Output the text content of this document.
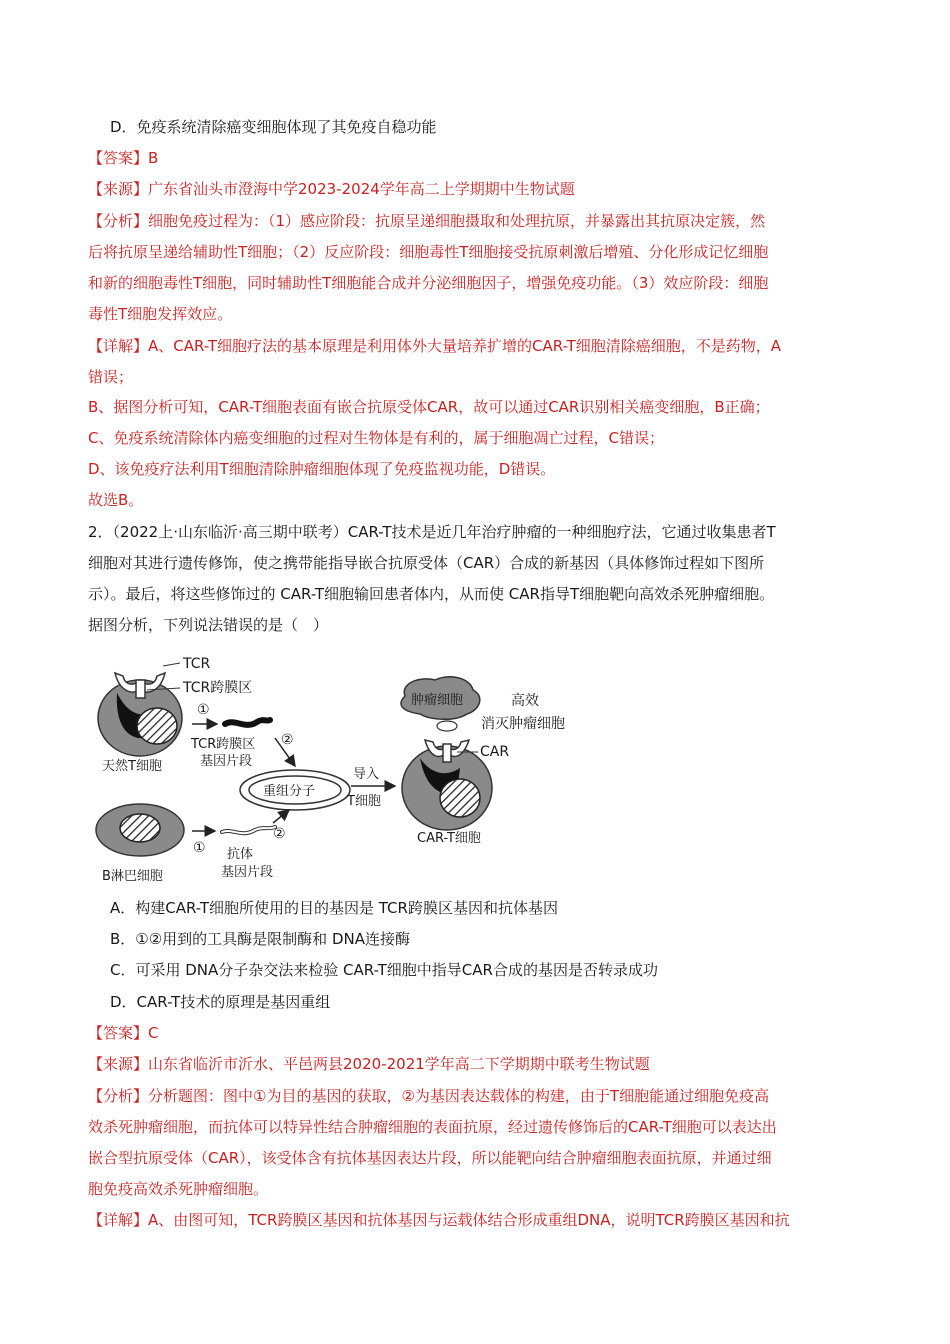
D．免疫系统清除癌变细胞体现了其免疫自稳功能
【答案】B
【来源】广东省汕头市澄海中学2023-2024学年高二上学期期中生物试题
【分析】细胞免疫过程为：（1）感应阶段：抗原呈递细胞摄取和处理抗原，并暴露出其抗原决定簇，然
后将抗原呈递给辅助性T细胞；（2）反应阶段：细胞毒性T细胞接受抗原刺激后增殖、分化形成记忆细胞
和新的细胞毒性T细胞，同时辅助性T细胞能合成并分泌细胞因子，增强免疫功能。（3）效应阶段：细胞
毒性T细胞发挥效应。
【详解】A、CAR-T细胞疗法的基本原理是利用体外大量培养扩增的CAR-T细胞清除癌细胞，不是药物，A
错误；
B、据图分析可知，CAR-T细胞表面有嵌合抗原受体CAR，故可以通过CAR识别相关癌变细胞，B正确；
C、免疫系统清除体内癌变细胞的过程对生物体是有利的，属于细胞凋亡过程，C错误；
D、该免疫疗法利用T细胞清除肿瘤细胞体现了免疫监视功能，D错误。
故选B。
2．（2022上·山东临沂·高三期中联考）CAR-T技术是近几年治疗肿瘤的一种细胞疗法，它通过收集患者T
细胞对其进行遗传修饰，使之携带能指导嵌合抗原受体（CAR）合成的新基因（具体修饰过程如下图所
示）。最后，将这些修饰过的 CAR-T细胞输回患者体内，从而使 CAR指导T细胞靶向高效杀死肿瘤细胞。
据图分析，下列说法错误的是（　）
TCR
TCR跨膜区
天然T细胞
①
TCR跨膜区
基因片段
②
重组分子
导入
T细胞
肿瘤细胞	高效
消灭肿瘤细胞
CAR
CAR-T细胞
B淋巴细胞
① 抗体
基因片段
②
A．构建CAR-T细胞所使用的目的基因是 TCR跨膜区基因和抗体基因
B．①②用到的工具酶是限制酶和 DNA连接酶
C．可采用 DNA分子杂交法来检验 CAR-T细胞中指导CAR合成的基因是否转录成功
D．CAR-T技术的原理是基因重组
【答案】C
【来源】山东省临沂市沂水、平邑两县2020-2021学年高二下学期期中联考生物试题
【分析】分析题图：图中①为目的基因的获取，②为基因表达载体的构建，由于T细胞能通过细胞免疫高
效杀死肿瘤细胞，而抗体可以特异性结合肿瘤细胞的表面抗原，经过遗传修饰后的CAR-T细胞可以表达出
嵌合型抗原受体（CAR），该受体含有抗体基因表达片段，所以能靶向结合肿瘤细胞表面抗原，并通过细
胞免疫高效杀死肿瘤细胞。
【详解】A、由图可知，TCR跨膜区基因和抗体基因与运载体结合形成重组DNA，说明TCR跨膜区基因和抗
